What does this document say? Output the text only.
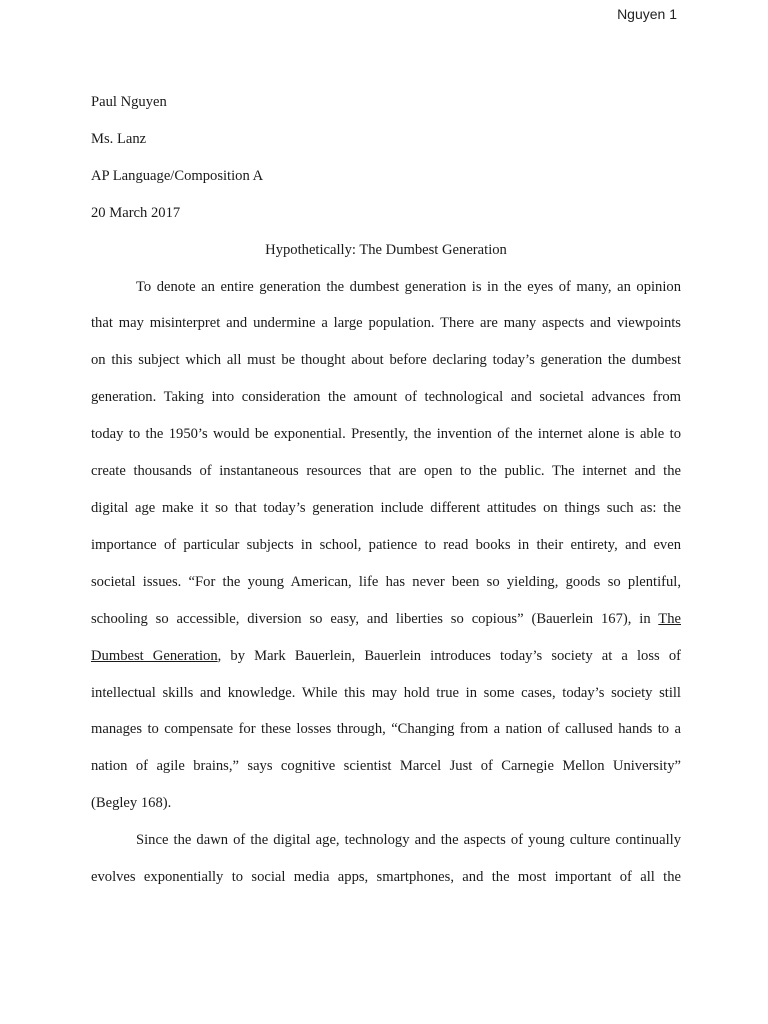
Nguyen 1
Paul Nguyen
Ms. Lanz
AP Language/Composition A
20 March 2017
Hypothetically: The Dumbest Generation
To denote an entire generation the dumbest generation is in the eyes of many, an opinion
that may misinterpret and undermine a large population. There are many aspects and viewpoints
on this subject which all must be thought about before declaring today’s generation the dumbest
generation. Taking into consideration the amount of technological and societal advances from
today to the 1950’s would be exponential. Presently, the invention of the internet alone is able to
create thousands of instantaneous resources that are open to the public. The internet and the
digital age make it so that today’s generation include different attitudes on things such as: the
importance of particular subjects in school, patience to read books in their entirety, and even
societal issues. “For the young American, life has never been so yielding, goods so plentiful,
schooling so accessible, diversion so easy, and liberties so copious” (Bauerlein 167), in The
Dumbest Generation, by Mark Bauerlein, Bauerlein introduces today’s society at a loss of
intellectual skills and knowledge. While this may hold true in some cases, today’s society still
manages to compensate for these losses through, “Changing from a nation of callused hands to a
nation of agile brains,” says cognitive scientist Marcel Just of Carnegie Mellon University”
(Begley 168).
Since the dawn of the digital age, technology and the aspects of young culture continually
evolves exponentially to social media apps, smartphones, and the most important of all the
